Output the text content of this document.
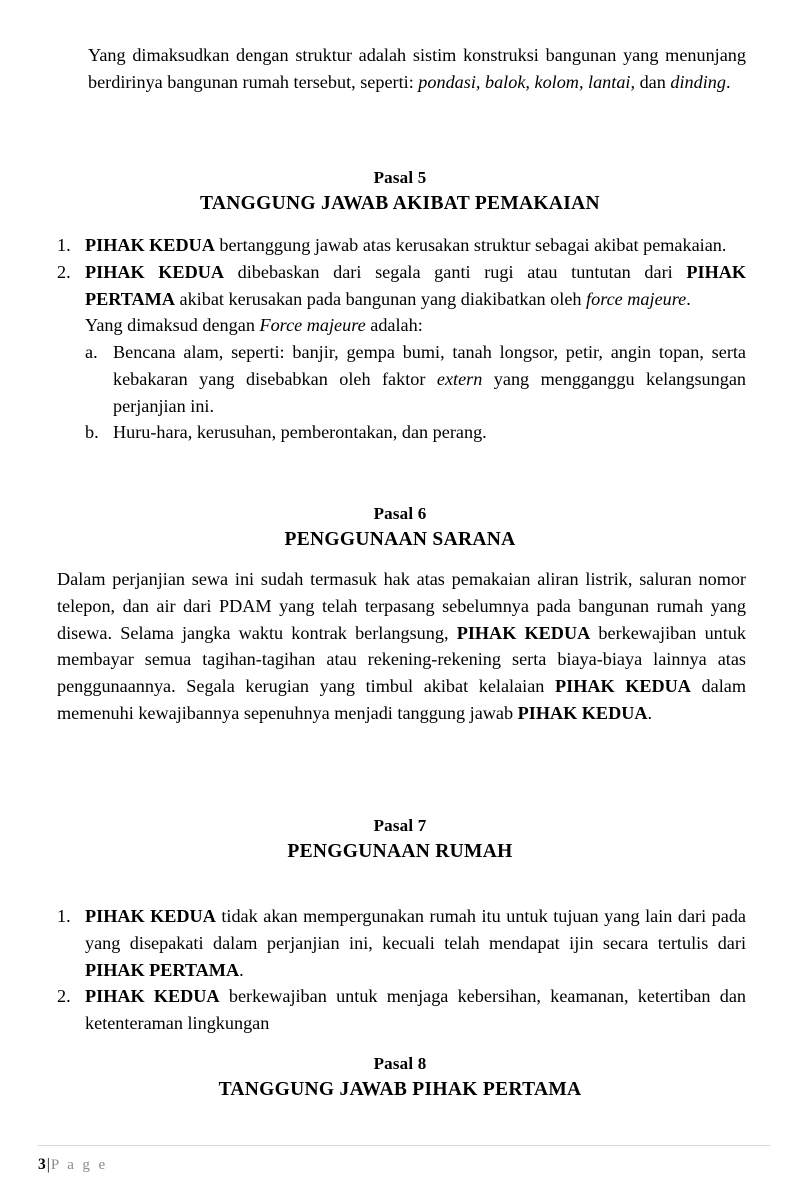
Yang dimaksudkan dengan struktur adalah sistim konstruksi bangunan yang menunjang berdirinya bangunan rumah tersebut, seperti: pondasi, balok, kolom, lantai, dan dinding.
Pasal 5
TANGGUNG JAWAB AKIBAT PEMAKAIAN
1. PIHAK KEDUA bertanggung jawab atas kerusakan struktur sebagai akibat pemakaian.
2. PIHAK KEDUA dibebaskan dari segala ganti rugi atau tuntutan dari PIHAK PERTAMA akibat kerusakan pada bangunan yang diakibatkan oleh force majeure.
Yang dimaksud dengan Force majeure adalah:
a. Bencana alam, seperti: banjir, gempa bumi, tanah longsor, petir, angin topan, serta kebakaran yang disebabkan oleh faktor extern yang mengganggu kelangsungan perjanjian ini.
b. Huru-hara, kerusuhan, pemberontakan, dan perang.
Pasal 6
PENGGUNAAN SARANA
Dalam perjanjian sewa ini sudah termasuk hak atas pemakaian aliran listrik, saluran nomor telepon, dan air dari PDAM yang telah terpasang sebelumnya pada bangunan rumah yang disewa. Selama jangka waktu kontrak berlangsung, PIHAK KEDUA berkewajiban untuk membayar semua tagihan-tagihan atau rekening-rekening serta biaya-biaya lainnya atas penggunaannya. Segala kerugian yang timbul akibat kelalaian PIHAK KEDUA dalam memenuhi kewajibannya sepenuhnya menjadi tanggung jawab PIHAK KEDUA.
Pasal 7
PENGGUNAAN RUMAH
1. PIHAK KEDUA tidak akan mempergunakan rumah itu untuk tujuan yang lain dari pada yang disepakati dalam perjanjian ini, kecuali telah mendapat ijin secara tertulis dari PIHAK PERTAMA.
2. PIHAK KEDUA berkewajiban untuk menjaga kebersihan, keamanan, ketertiban dan ketenteraman lingkungan
Pasal 8
TANGGUNG JAWAB PIHAK PERTAMA
3|P a g e
